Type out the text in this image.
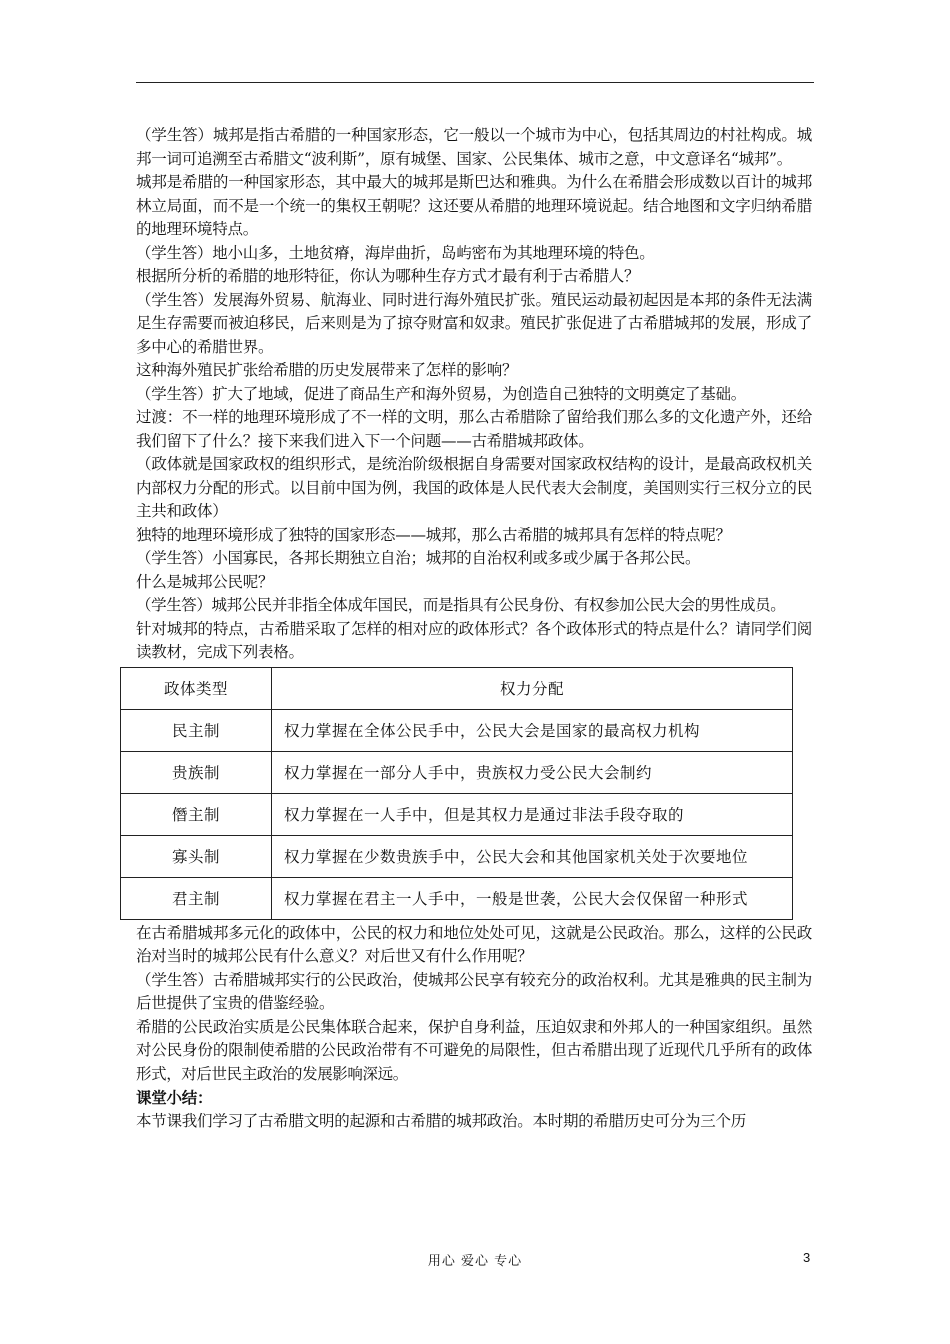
（学生答）城邦是指古希腊的一种国家形态，它一般以一个城市为中心，包括其周边的村社构成。城邦一词可追溯至古希腊文“波利斯”，原有城堡、国家、公民集体、城市之意，中文意译名“城邦”。

城邦是希腊的一种国家形态，其中最大的城邦是斯巴达和雅典。为什么在希腊会形成数以百计的城邦林立局面，而不是一个统一的集权王朝呢？这还要从希腊的地理环境说起。结合地图和文字归纳希腊的地理环境特点。

（学生答）地小山多，土地贫瘠，海岸曲折，岛屿密布为其地理环境的特色。

根据所分析的希腊的地形特征，你认为哪种生存方式才最有利于古希腊人？

（学生答）发展海外贸易、航海业、同时进行海外殖民扩张。殖民运动最初起因是本邦的条件无法满足生存需要而被迫移民，后来则是为了掠夺财富和奴隶。殖民扩张促进了古希腊城邦的发展，形成了多中心的希腊世界。

这种海外殖民扩张给希腊的历史发展带来了怎样的影响？

（学生答）扩大了地域，促进了商品生产和海外贸易，为创造自己独特的文明奠定了基础。

过渡：不一样的地理环境形成了不一样的文明，那么古希腊除了留给我们那么多的文化遗产外，还给我们留下了什么？接下来我们进入下一个问题——古希腊城邦政体。

（政体就是国家政权的组织形式，是统治阶级根据自身需要对国家政权结构的设计，是最高政权机关内部权力分配的形式。以目前中国为例，我国的政体是人民代表大会制度，美国则实行三权分立的民主共和政体）

独特的地理环境形成了独特的国家形态——城邦，那么古希腊的城邦具有怎样的特点呢？

（学生答）小国寡民，各邦长期独立自治；城邦的自治权利或多或少属于各邦公民。

什么是城邦公民呢？

（学生答）城邦公民并非指全体成年国民，而是指具有公民身份、有权参加公民大会的男性成员。

针对城邦的特点，古希腊采取了怎样的相对应的政体形式？各个政体形式的特点是什么？请同学们阅读教材，完成下列表格。

政体类型	权力分配
民主制	权力掌握在全体公民手中，公民大会是国家的最高权力机构
贵族制	权力掌握在一部分人手中，贵族权力受公民大会制约
僭主制	权力掌握在一人手中，但是其权力是通过非法手段夺取的
寡头制	权力掌握在少数贵族手中，公民大会和其他国家机关处于次要地位
君主制	权力掌握在君主一人手中，一般是世袭，公民大会仅保留一种形式

在古希腊城邦多元化的政体中，公民的权力和地位处处可见，这就是公民政治。那么，这样的公民政治对当时的城邦公民有什么意义？对后世又有什么作用呢？

（学生答）古希腊城邦实行的公民政治，使城邦公民享有较充分的政治权利。尤其是雅典的民主制为后世提供了宝贵的借鉴经验。

希腊的公民政治实质是公民集体联合起来，保护自身利益，压迫奴隶和外邦人的一种国家组织。虽然对公民身份的限制使希腊的公民政治带有不可避免的局限性，但古希腊出现了近现代几乎所有的政体形式，对后世民主政治的发展影响深远。

课堂小结：

本节课我们学习了古希腊文明的起源和古希腊的城邦政治。本时期的希腊历史可分为三个历

用心 爱心 专心	3
